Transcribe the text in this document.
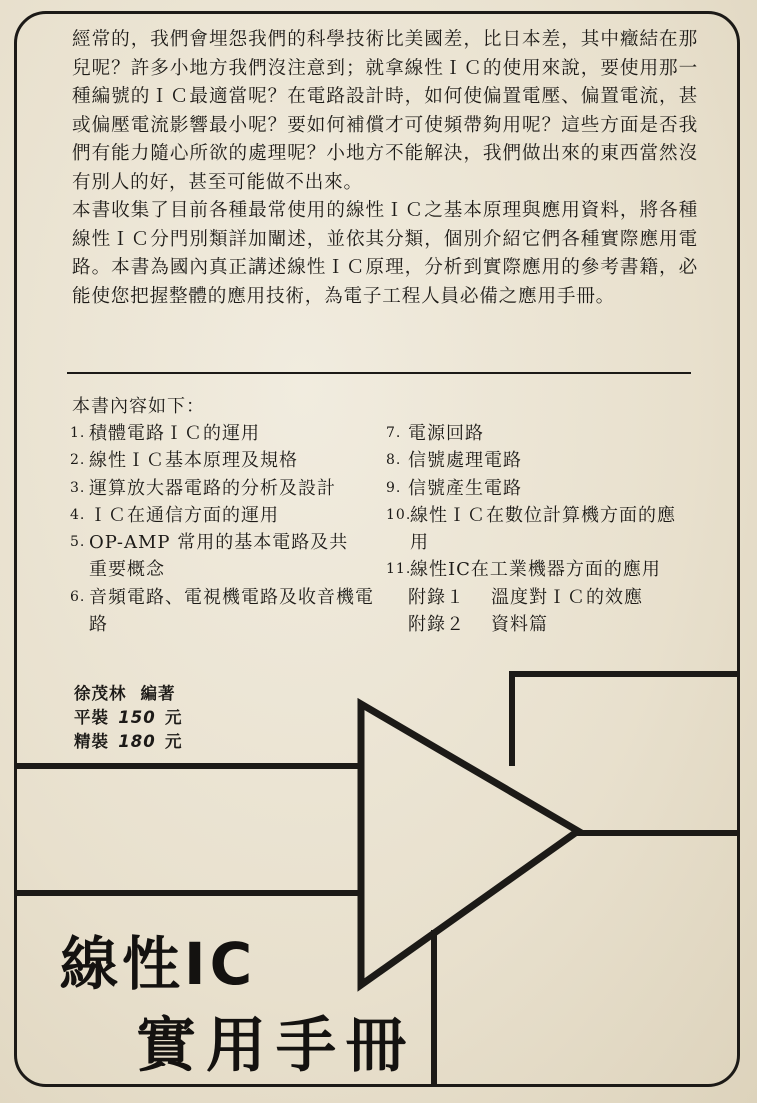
經常的，我們會埋怨我們的科學技術比美國差，比日本差，其中癥結在那兒呢？許多小地方我們沒注意到；就拿線性ＩＣ的使用來說，要使用那一種編號的ＩＣ最適當呢？在電路設計時，如何使偏置電壓、偏置電流，甚或偏壓電流影響最小呢？要如何補償才可使頻帶夠用呢？這些方面是否我們有能力隨心所欲的處理呢？小地方不能解決，我們做出來的東西當然沒有別人的好，甚至可能做不出來。

本書收集了目前各種最常使用的線性ＩＣ之基本原理與應用資料，將各種線性ＩＣ分門別類詳加闡述，並依其分類，個別介紹它們各種實際應用電路。本書為國內真正講述線性ＩＣ原理，分析到實際應用的參考書籍，必能使您把握整體的應用技術，為電子工程人員必備之應用手冊。

本書內容如下：
1. 積體電路ＩＣ的運用
2. 線性ＩＣ基本原理及規格
3. 運算放大器電路的分析及設計
4. ＩＣ在通信方面的運用
5. OP-AMP 常用的基本電路及共重要概念
6. 音頻電路、電視機電路及收音機電路
7. 電源回路
8. 信號處理電路
9. 信號產生電路
10.
線性ＩＣ在數位計算機方面的應用
11.
線性IC在工業機器方面的應用
附錄１ 溫度對ＩＣ的效應
附錄２ 資料篇
徐茂林 編著
平裝 150 元
精裝 180 元
線性IC
實用手冊
